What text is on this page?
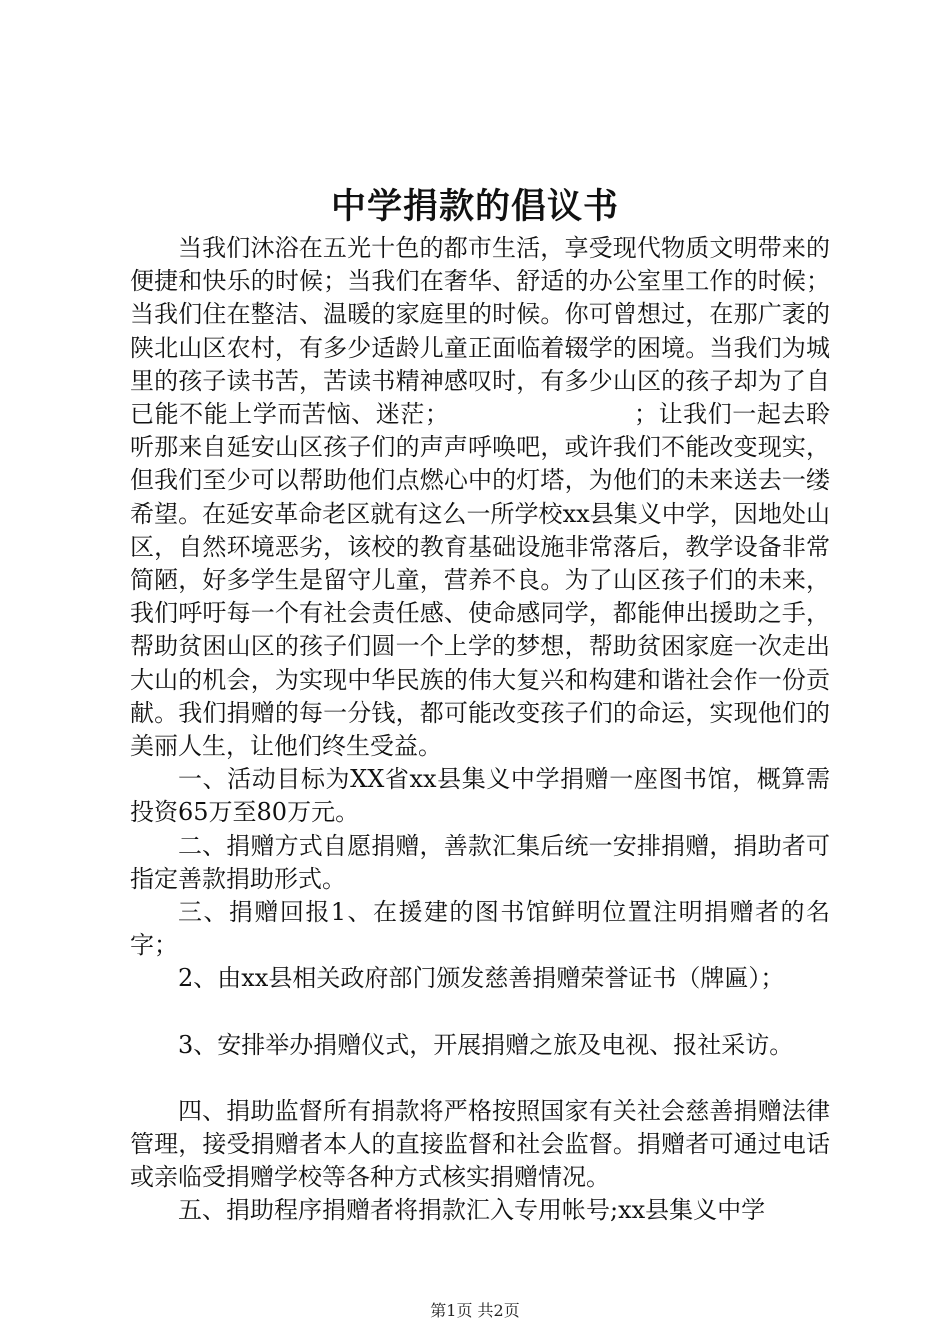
中学捐款的倡议书

当我们沐浴在五光十色的都市生活，享受现代物质文明带来的便捷和快乐的时候；当我们在奢华、舒适的办公室里工作的时候；当我们住在整洁、温暖的家庭里的时候。你可曾想过，在那广袤的陕北山区农村，有多少适龄儿童正面临着辍学的困境。当我们为城里的孩子读书苦，苦读书精神感叹时，有多少山区的孩子却为了自已能不能上学而苦恼、迷茫；　　　　　　　　；让我们一起去聆听那来自延安山区孩子们的声声呼唤吧，或许我们不能改变现实，但我们至少可以帮助他们点燃心中的灯塔，为他们的未来送去一缕希望。在延安革命老区就有这么一所学校xx县集义中学，因地处山区，自然环境恶劣，该校的教育基础设施非常落后，教学设备非常简陋，好多学生是留守儿童，营养不良。为了山区孩子们的未来，我们呼吁每一个有社会责任感、使命感同学，都能伸出援助之手，帮助贫困山区的孩子们圆一个上学的梦想，帮助贫困家庭一次走出大山的机会，为实现中华民族的伟大复兴和构建和谐社会作一份贡献。我们捐赠的每一分钱，都可能改变孩子们的命运，实现他们的美丽人生，让他们终生受益。

一、活动目标为XX省xx县集义中学捐赠一座图书馆，概算需投资65万至80万元。

二、捐赠方式自愿捐赠，善款汇集后统一安排捐赠，捐助者可指定善款捐助形式。

三、捐赠回报1、在援建的图书馆鲜明位置注明捐赠者的名字；

2、由xx县相关政府部门颁发慈善捐赠荣誉证书（牌匾）；

3、安排举办捐赠仪式，开展捐赠之旅及电视、报社采访。

四、捐助监督所有捐款将严格按照国家有关社会慈善捐赠法律管理，接受捐赠者本人的直接监督和社会监督。捐赠者可通过电话或亲临受捐赠学校等各种方式核实捐赠情况。

五、捐助程序捐赠者将捐款汇入专用帐号;xx县集义中学

第1页 共2页
